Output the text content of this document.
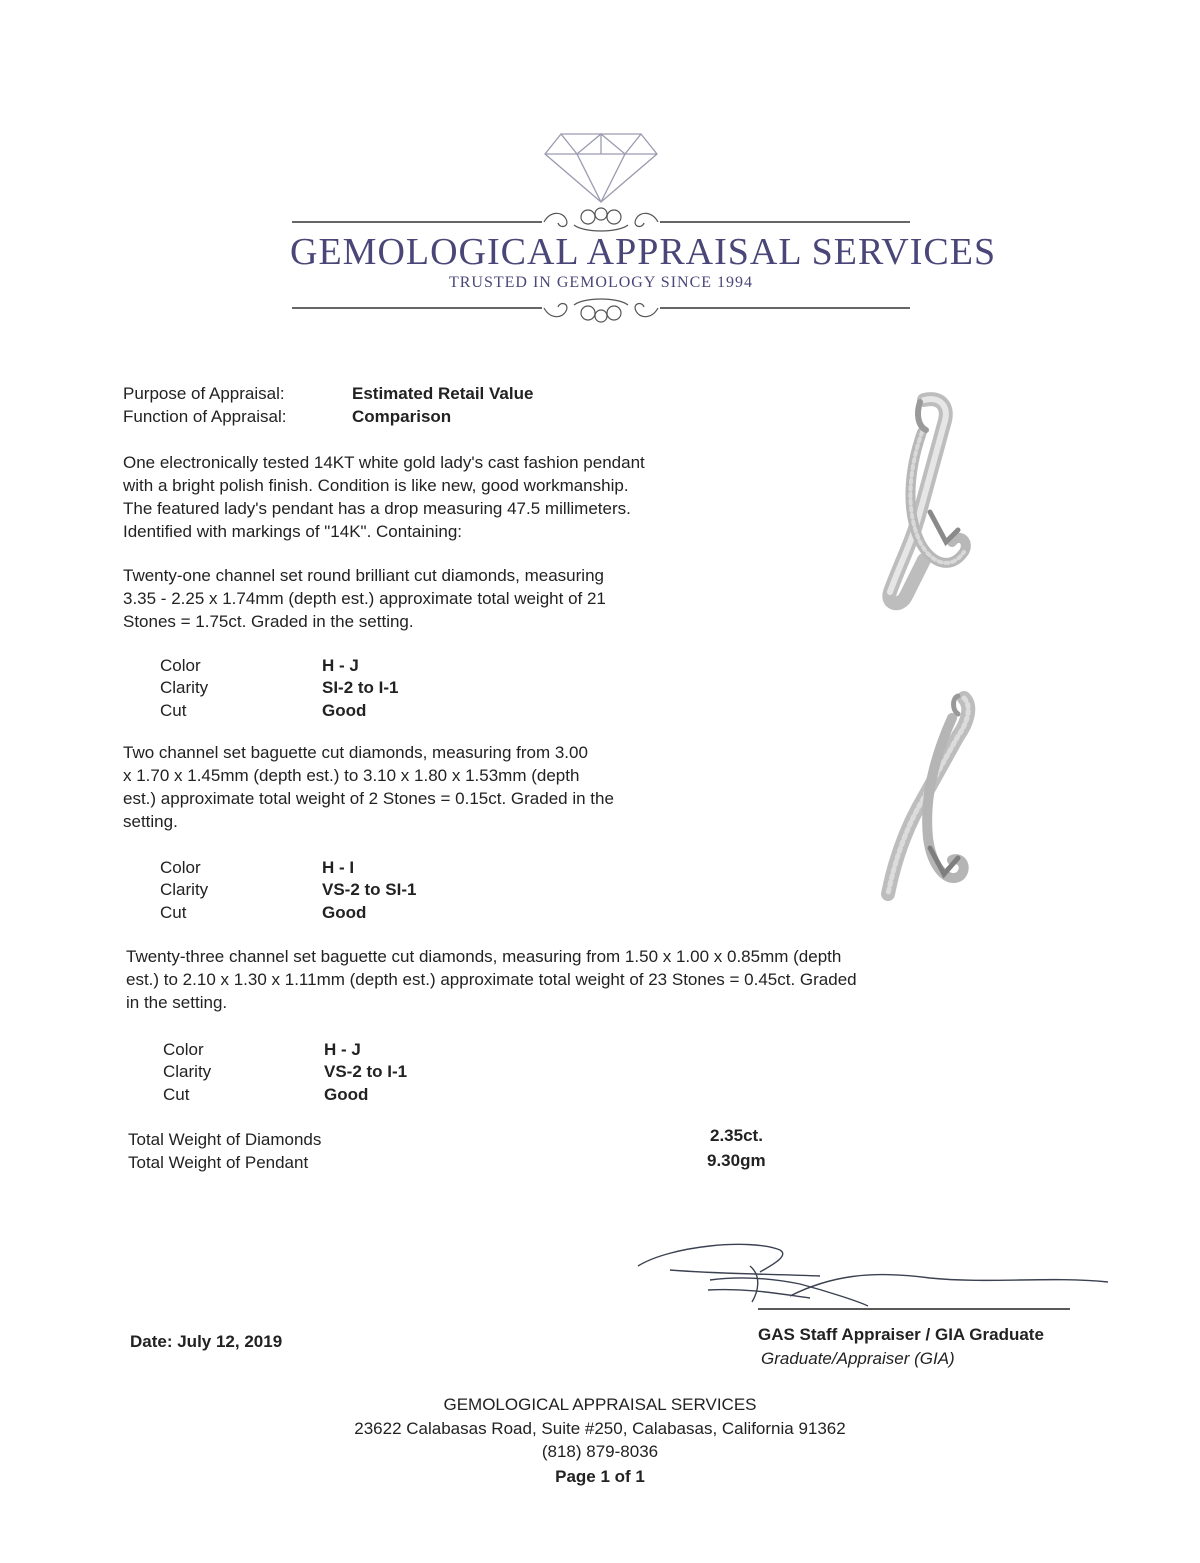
GEMOLOGICAL APPRAISAL SERVICES
TRUSTED IN GEMOLOGY SINCE 1994
Purpose of Appraisal:	Estimated Retail Value
Function of Appraisal:	Comparison
One electronically tested 14KT white gold lady's cast fashion pendant
with a bright polish finish. Condition is like new, good workmanship.
The featured lady's pendant has a drop measuring 47.5 millimeters.
Identified with markings of "14K". Containing:
Twenty-one channel set round brilliant cut diamonds, measuring
3.35 - 2.25 x 1.74mm (depth est.) approximate total weight of 21
Stones = 1.75ct. Graded in the setting.
Color	H - J
Clarity	SI-2 to I-1
Cut	Good
Two channel set baguette cut diamonds, measuring from 3.00
x 1.70 x 1.45mm (depth est.) to 3.10 x 1.80 x 1.53mm (depth
est.) approximate total weight of 2 Stones = 0.15ct. Graded in the
setting.
Color	H - I
Clarity	VS-2 to SI-1
Cut	Good
Twenty-three channel set baguette cut diamonds, measuring from 1.50 x 1.00 x 0.85mm (depth
est.) to 2.10 x 1.30 x 1.11mm (depth est.) approximate total weight of 23 Stones = 0.45ct. Graded
in the setting.
Color	H - J
Clarity	VS-2 to I-1
Cut	Good
Total Weight of Diamonds	2.35ct.
Total Weight of Pendant	9.30gm
Date: July 12, 2019	GAS Staff Appraiser / GIA Graduate
Graduate/Appraiser (GIA)
GEMOLOGICAL APPRAISAL SERVICES
23622 Calabasas Road, Suite #250, Calabasas, California 91362
(818) 879-8036
Page 1 of 1
